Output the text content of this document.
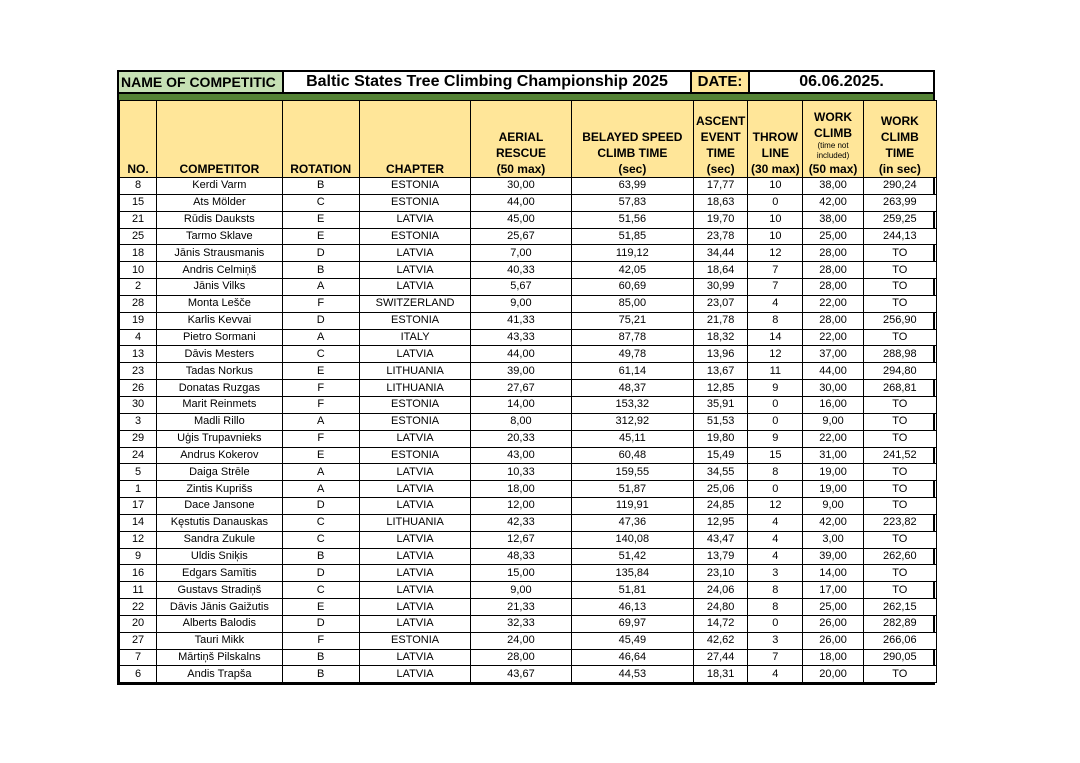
NAME OF COMPETITIC	Baltic States Tree Climbing Championship 2025	DATE:	06.06.2025.
NO.	COMPETITOR	ROTATION	CHAPTER	AERIAL
RESCUE
(50 max)	BELAYED SPEED
CLIMB TIME
(sec)	ASCENT
EVENT
TIME
(sec)	THROW
LINE
(30 max)	WORK
CLIMB
(time not
included)
(50 max)	WORK
CLIMB
TIME
(in sec)

8	Kerdi Varm	B	ESTONIA	30,00	63,99	17,77	10	38,00	290,24
15	Ats Mölder	C	ESTONIA	44,00	57,83	18,63	0	42,00	263,99
21	Rūdis Dauksts	E	LATVIA	45,00	51,56	19,70	10	38,00	259,25
25	Tarmo Sklave	E	ESTONIA	25,67	51,85	23,78	10	25,00	244,13
18	Jānis Strausmanis	D	LATVIA	7,00	119,12	34,44	12	28,00	TO
10	Andris Celmiņš	B	LATVIA	40,33	42,05	18,64	7	28,00	TO
2	Jānis Vilks	A	LATVIA	5,67	60,69	30,99	7	28,00	TO
28	Monta Lešče	F	SWITZERLAND	9,00	85,00	23,07	4	22,00	TO
19	Karlis Kevvai	D	ESTONIA	41,33	75,21	21,78	8	28,00	256,90
4	Pietro Sormani	A	ITALY	43,33	87,78	18,32	14	22,00	TO
13	Dāvis Mesters	C	LATVIA	44,00	49,78	13,96	12	37,00	288,98
23	Tadas Norkus	E	LITHUANIA	39,00	61,14	13,67	11	44,00	294,80
26	Donatas Ruzgas	F	LITHUANIA	27,67	48,37	12,85	9	30,00	268,81
30	Marit Reinmets	F	ESTONIA	14,00	153,32	35,91	0	16,00	TO
3	Madli Rillo	A	ESTONIA	8,00	312,92	51,53	0	9,00	TO
29	Uģis Trupavnieks	F	LATVIA	20,33	45,11	19,80	9	22,00	TO
24	Andrus Kokerov	E	ESTONIA	43,00	60,48	15,49	15	31,00	241,52
5	Daiga Strēle	A	LATVIA	10,33	159,55	34,55	8	19,00	TO
1	Zintis Kuprišs	A	LATVIA	18,00	51,87	25,06	0	19,00	TO
17	Dace Jansone	D	LATVIA	12,00	119,91	24,85	12	9,00	TO
14	Kęstutis Danauskas	C	LITHUANIA	42,33	47,36	12,95	4	42,00	223,82
12	Sandra Zukule	C	LATVIA	12,67	140,08	43,47	4	3,00	TO
9	Uldis Sniķis	B	LATVIA	48,33	51,42	13,79	4	39,00	262,60
16	Edgars Samītis	D	LATVIA	15,00	135,84	23,10	3	14,00	TO
11	Gustavs Stradiņš	C	LATVIA	9,00	51,81	24,06	8	17,00	TO
22	Dāvis Jānis Gaižutis	E	LATVIA	21,33	46,13	24,80	8	25,00	262,15
20	Alberts Balodis	D	LATVIA	32,33	69,97	14,72	0	26,00	282,89
27	Tauri Mikk	F	ESTONIA	24,00	45,49	42,62	3	26,00	266,06
7	Mārtiņš Pilskalns	B	LATVIA	28,00	46,64	27,44	7	18,00	290,05
6	Andis Trapša	B	LATVIA	43,67	44,53	18,31	4	20,00	TO
